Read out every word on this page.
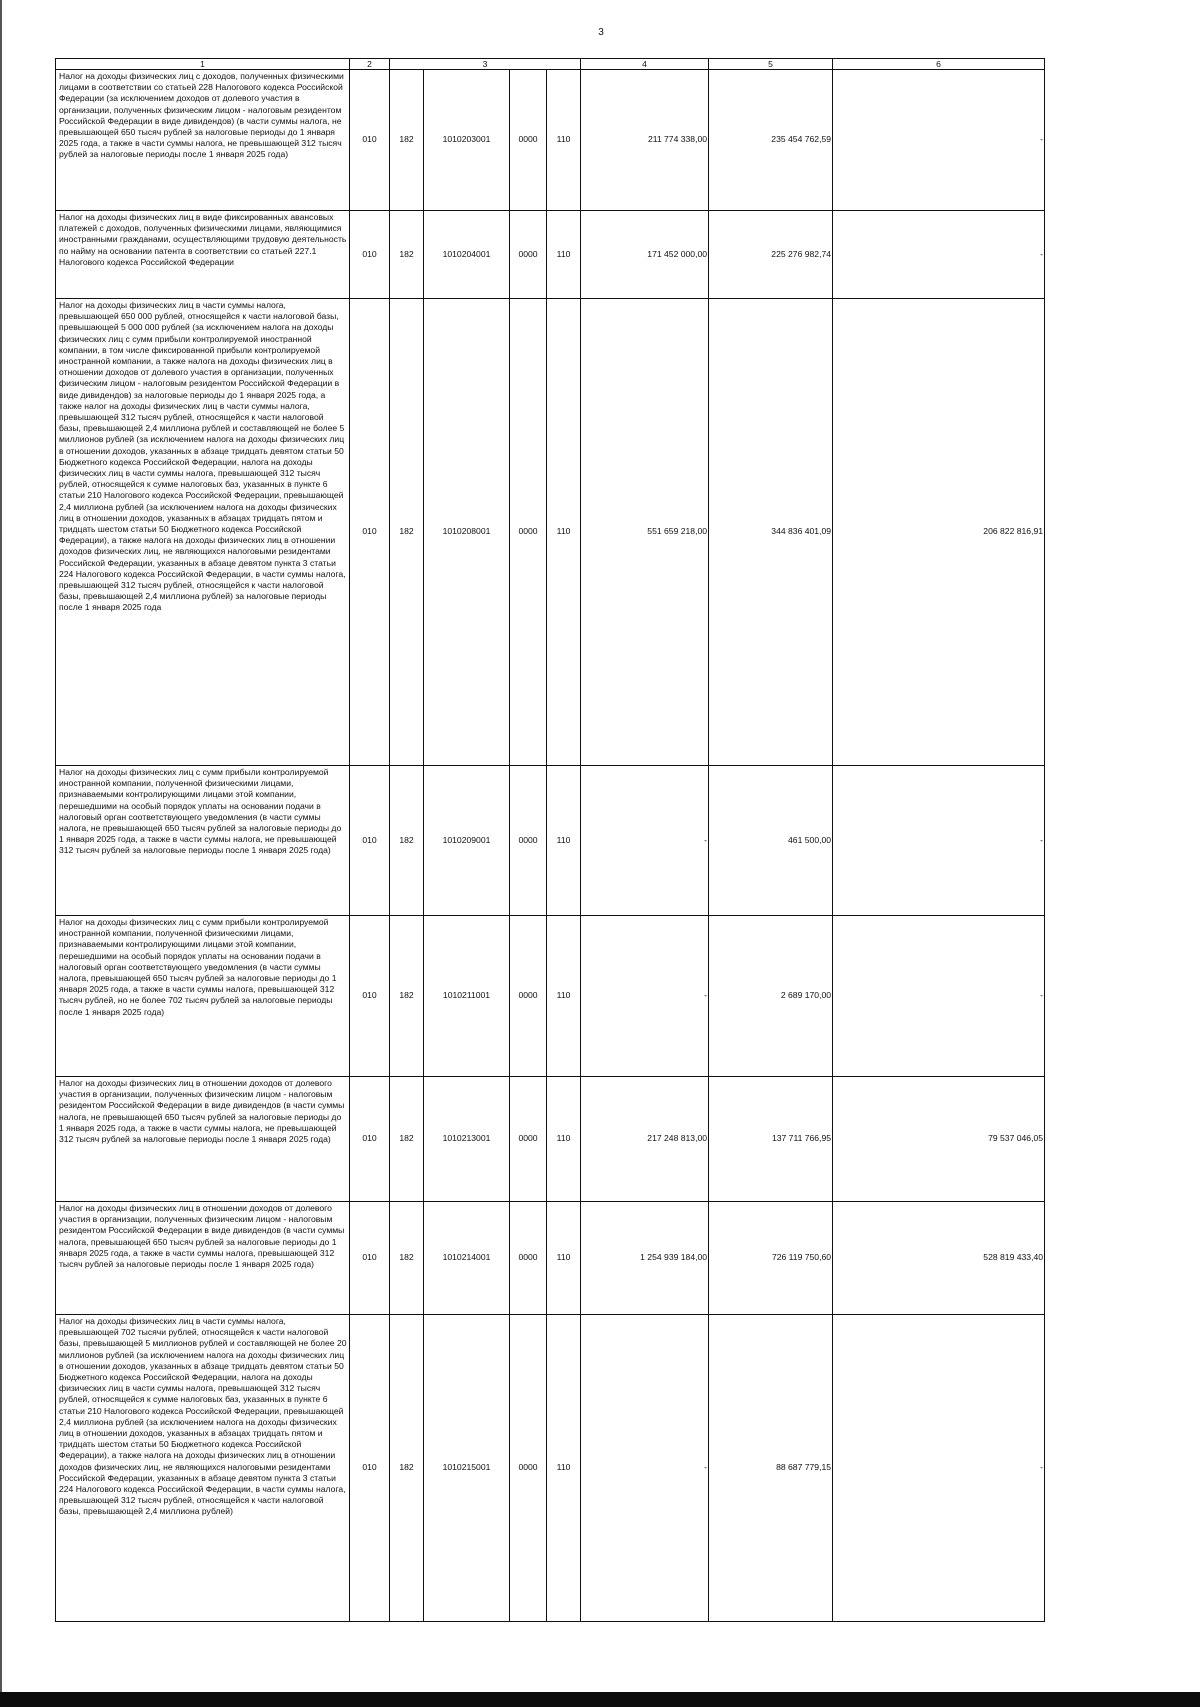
3
1	2	3				4	5	6
Налог на доходы физических лиц с доходов, полученных физическими лицами в соответствии со статьей 228 Налогового кодекса Российской Федерации (за исключением доходов от долевого участия в организации, полученных физическим лицом - налоговым резидентом Российской Федерации в виде дивидендов) (в части суммы налога, не превышающей 650 тысяч рублей за налоговые периоды до 1 января 2025 года, а также в части суммы налога, не превышающей 312 тысяч рублей за налоговые периоды после 1 января 2025 года)	010	182	1010203001	0000	110	211 774 338,00	235 454 762,59	-
Налог на доходы физических лиц в виде фиксированных авансовых платежей с доходов, полученных физическими лицами, являющимися иностранными гражданами, осуществляющими трудовую деятельность по найму на основании патента в соответствии со статьей 227.1 Налогового кодекса Российской Федерации	010	182	1010204001	0000	110	171 452 000,00	225 276 982,74	-
Налог на доходы физических лиц в части суммы налога, превышающей 650 000 рублей, относящейся к части налоговой базы, превышающей 5 000 000 рублей (за исключением налога на доходы физических лиц с сумм прибыли контролируемой иностранной компании, в том числе фиксированной прибыли контролируемой иностранной компании, а также налога на доходы физических лиц в отношении доходов от долевого участия в организации, полученных физическим лицом - налоговым резидентом Российской Федерации в виде дивидендов) за налоговые периоды до 1 января 2025 года, а также налог на доходы физических лиц в части суммы налога, превышающей 312 тысяч рублей, относящейся к части налоговой базы, превышающей 2,4 миллиона рублей и составляющей не более 5 миллионов рублей (за исключением налога на доходы физических лиц в отношении доходов, указанных в абзаце тридцать девятом статьи 50 Бюджетного кодекса Российской Федерации, налога на доходы физических лиц в части суммы налога, превышающей 312 тысяч рублей, относящейся к сумме налоговых баз, указанных в пункте 6 статьи 210 Налогового кодекса Российской Федерации, превышающей 2,4 миллиона рублей (за исключением налога на доходы физических лиц в отношении доходов, указанных в абзацах тридцать пятом и тридцать шестом статьи 50 Бюджетного кодекса Российской Федерации), а также налога на доходы физических лиц в отношении доходов физических лиц, не являющихся налоговыми резидентами Российской Федерации, указанных в абзаце девятом пункта 3 статьи 224 Налогового кодекса Российской Федерации, в части суммы налога, превышающей 312 тысяч рублей, относящейся к части налоговой базы, превышающей 2,4 миллиона рублей) за налоговые периоды после 1 января 2025 года	010	182	1010208001	0000	110	551 659 218,00	344 836 401,09	206 822 816,91
Налог на доходы физических лиц с сумм прибыли контролируемой иностранной компании, полученной физическими лицами, признаваемыми контролирующими лицами этой компании, перешедшими на особый порядок уплаты на основании подачи в налоговый орган соответствующего уведомления (в части суммы налога, не превышающей 650 тысяч рублей за налоговые периоды до 1 января 2025 года, а также в части суммы налога, не превышающей 312 тысяч рублей за налоговые периоды после 1 января 2025 года)	010	182	1010209001	0000	110	-	461 500,00	-
Налог на доходы физических лиц с сумм прибыли контролируемой иностранной компании, полученной физическими лицами, признаваемыми контролирующими лицами этой компании, перешедшими на особый порядок уплаты на основании подачи в налоговый орган соответствующего уведомления (в части суммы налога, превышающей 650 тысяч рублей за налоговые периоды до 1 января 2025 года, а также в части суммы налога, превышающей 312 тысяч рублей, но не более 702 тысяч рублей за налоговые периоды после 1 января 2025 года)	010	182	1010211001	0000	110	-	2 689 170,00	-
Налог на доходы физических лиц в отношении доходов от долевого участия в организации, полученных физическим лицом - налоговым резидентом Российской Федерации в виде дивидендов (в части суммы налога, не превышающей 650 тысяч рублей за налоговые периоды до 1 января 2025 года, а также в части суммы налога, не превышающей 312 тысяч рублей за налоговые периоды после 1 января 2025 года)	010	182	1010213001	0000	110	217 248 813,00	137 711 766,95	79 537 046,05
Налог на доходы физических лиц в отношении доходов от долевого участия в организации, полученных физическим лицом - налоговым резидентом Российской Федерации в виде дивидендов (в части суммы налога, превышающей 650 тысяч рублей за налоговые периоды до 1 января 2025 года, а также в части суммы налога, превышающей 312 тысяч рублей за налоговые периоды после 1 января 2025 года)	010	182	1010214001	0000	110	1 254 939 184,00	726 119 750,60	528 819 433,40
Налог на доходы физических лиц в части суммы налога, превышающей 702 тысячи рублей, относящейся к части налоговой базы, превышающей 5 миллионов рублей и составляющей не более 20 миллионов рублей (за исключением налога на доходы физических лиц в отношении доходов, указанных в абзаце тридцать девятом статьи 50 Бюджетного кодекса Российской Федерации, налога на доходы физических лиц в части суммы налога, превышающей 312 тысяч рублей, относящейся к сумме налоговых баз, указанных в пункте 6 статьи 210 Налогового кодекса Российской Федерации, превышающей 2,4 миллиона рублей (за исключением налога на доходы физических лиц в отношении доходов, указанных в абзацах тридцать пятом и тридцать шестом статьи 50 Бюджетного кодекса Российской Федерации), а также налога на доходы физических лиц в отношении доходов физических лиц, не являющихся налоговыми резидентами Российской Федерации, указанных в абзаце девятом пункта 3 статьи 224 Налогового кодекса Российской Федерации, в части суммы налога, превышающей 312 тысяч рублей, относящейся к части налоговой базы, превышающей 2,4 миллиона рублей)	010	182	1010215001	0000	110	-	88 687 779,15	-
